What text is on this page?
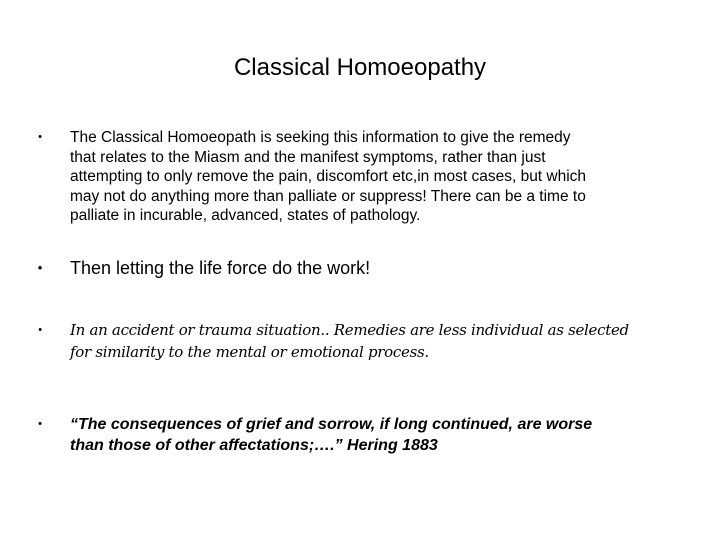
Classical Homoeopathy
•	The Classical Homoeopath is seeking this information to give the remedy
that relates to the Miasm and the manifest symptoms, rather than just
attempting to only remove the pain, discomfort etc,in most cases, but which
may not do anything more than palliate or suppress! There can be a time to
palliate in incurable, advanced, states of pathology.
•	Then letting the life force do the work!
•	In an accident or trauma situation.. Remedies are less individual as selected
for similarity to the mental or emotional process.
•	“The consequences of grief and sorrow, if long continued, are worse
than those of other affectations;….” Hering 1883
